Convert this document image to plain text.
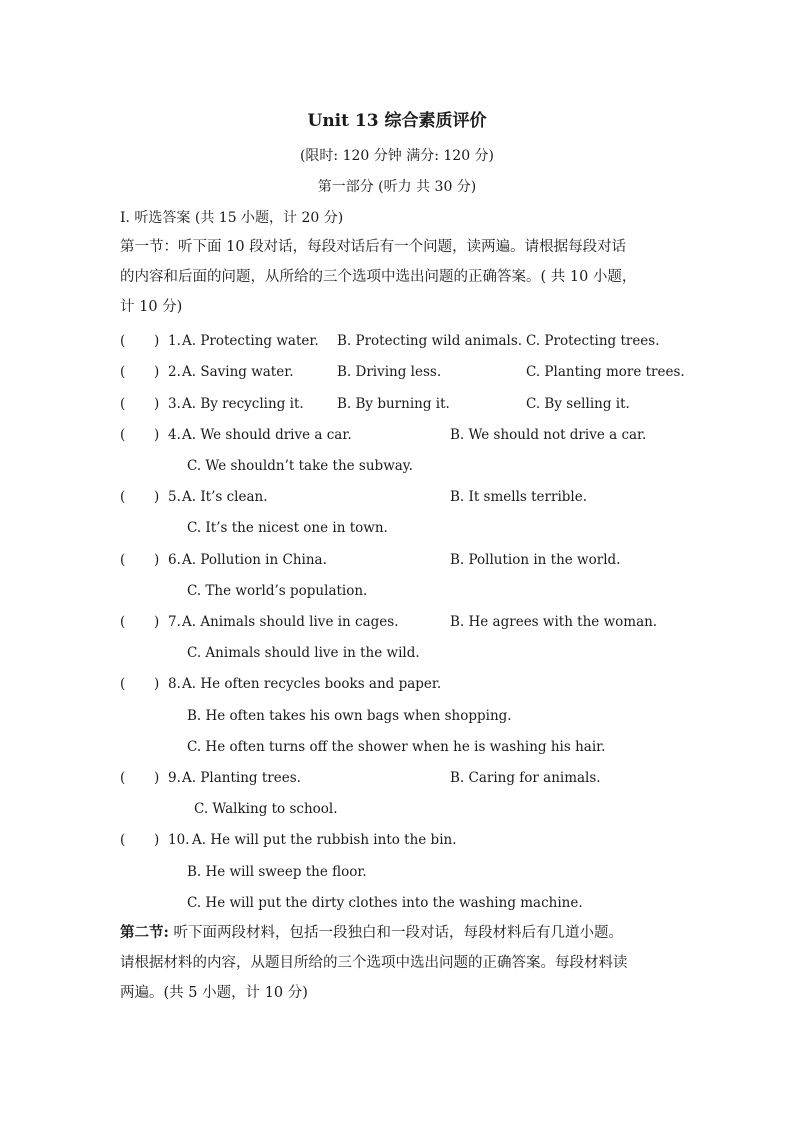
Unit 13 综合素质评价
(限时: 120 分钟 满分: 120 分)
第一部分 (听力 共 30 分)
I. 听选答案 (共 15 小题，计 20 分)
第一节：听下面 10 段对话，每段对话后有一个问题，读两遍。请根据每段对话
的内容和后面的问题，从所给的三个选项中选出问题的正确答案。( 共 10 小题，
计 10 分)
( ) 1. A. Protecting water. B. Protecting wild animals. C. Protecting trees.
( ) 2. A. Saving water.	B. Driving less.	C. Planting more trees.
( ) 3. A. By recycling it. B. By burning it.	C. By selling it.
( ) 4. A. We should drive a car.	B. We should not drive a car.
C. We shouldn’t take the subway.
( ) 5. A. It’s clean.	B. It smells terrible.
C. It’s the nicest one in town.
( ) 6. A. Pollution in China.	B. Pollution in the world.
C. The world’s population.
( ) 7. A. Animals should live in cages.	B. He agrees with the woman.
C. Animals should live in the wild.
( ) 8. A. He often recycles books and paper.
B. He often takes his own bags when shopping.
C. He often turns off the shower when he is washing his hair.
( ) 9. A. Planting trees.	B. Caring for animals.
C. Walking to school.
( ) 10. A. He will put the rubbish into the bin.
B. He will sweep the floor.
C. He will put the dirty clothes into the washing machine.
第二节: 听下面两段材料，包括一段独白和一段对话，每段材料后有几道小题。
请根据材料的内容，从题目所给的三个选项中选出问题的正确答案。每段材料读
两遍。(共 5 小题，计 10 分)
